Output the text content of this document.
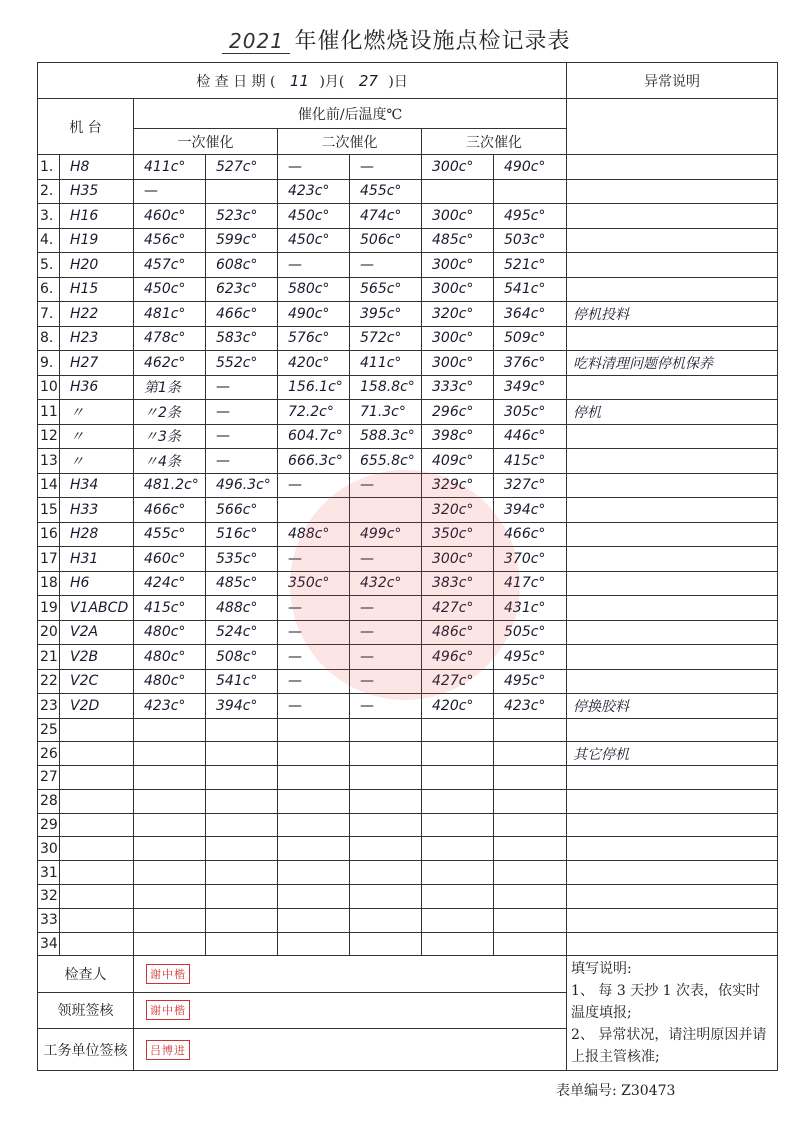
2021 年催化燃烧设施点检记录表
检 查 日 期 ( 11 )月( 27 )日								异常说明
机 台		催化前/后温度℃						
		一次催化		二次催化		三次催化		
1.	H8	411c°	527c°	—	—	300c°	490c°	
2.	H35	—		423c°	455c°			
3.	H16	460c°	523c°	450c°	474c°	300c°	495c°	
4.	H19	456c°	599c°	450c°	506c°	485c°	503c°	
5.	H20	457c°	608c°	—	—	300c°	521c°	
6.	H15	450c°	623c°	580c°	565c°	300c°	541c°	
7.	H22	481c°	466c°	490c°	395c°	320c°	364c°	停机投料
8.	H23	478c°	583c°	576c°	572c°	300c°	509c°	
9.	H27	462c°	552c°	420c°	411c°	300c°	376c°	吃料清理问题停机保养
10	H36	第1条	—	156.1c°	158.8c°	333c°	349c°	
11	〃	〃2条	—	72.2c°	71.3c°	296c°	305c°	停机
12	〃	〃3条	—	604.7c°	588.3c°	398c°	446c°	
13	〃	〃4条	—	666.3c°	655.8c°	409c°	415c°	
14	H34	481.2c°	496.3c°	—	—	329c°	327c°	
15	H33	466c°	566c°			320c°	394c°	
16	H28	455c°	516c°	488c°	499c°	350c°	466c°	
17	H31	460c°	535c°	—	—	300c°	370c°	
18	H6	424c°	485c°	350c°	432c°	383c°	417c°	
19	V1ABCD	415c°	488c°	—	—	427c°	431c°	
20	V2A	480c°	524c°	—	—	486c°	505c°	
21	V2B	480c°	508c°	—	—	496c°	495c°	
22	V2C	480c°	541c°	—	—	427c°	495c°	
23	V2D	423c°	394c°	—	—	420c°	423c°	停换胶料
25								
26								其它停机
27								
28								
29								
30								
31								
32								
33								
34								
检查人		谢中楷						填写说明:
1、 每 3 天抄 1 次表，依实时温度填报;
2、 异常状况，请注明原因并请上报主管核准;

领班签核		谢中楷						
工务单位签核		吕博进						
表单编号: Z30473
